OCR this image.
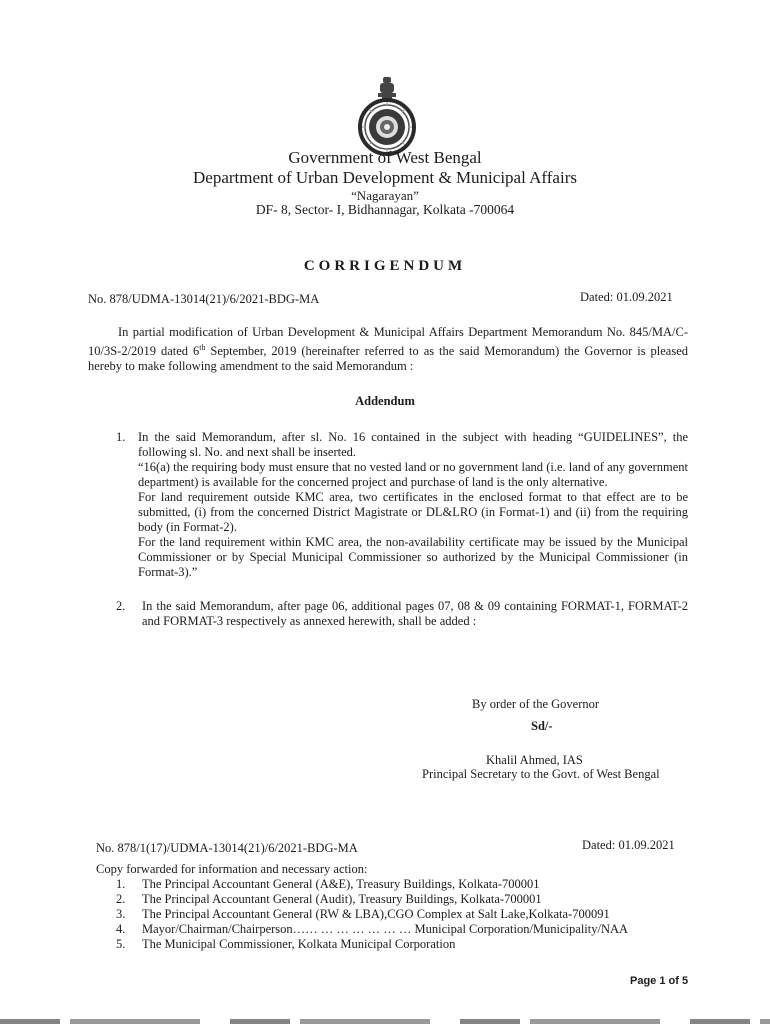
Government of West Bengal
Department of Urban Development & Municipal Affairs
“Nagarayan”
DF- 8, Sector- I, Bidhannagar, Kolkata -700064
CORRIGENDUM
No. 878/UDMA-13014(21)/6/2021-BDG-MA	Dated: 01.09.2021
In partial modification of Urban Development & Municipal Affairs Department Memorandum No. 845/MA/C-10/3S-2/2019 dated 6th September, 2019 (hereinafter referred to as the said Memorandum) the Governor is pleased hereby to make following amendment to the said Memorandum :
Addendum
1. In the said Memorandum, after sl. No. 16 contained in the subject with heading “GUIDELINES”, the following sl. No. and next shall be inserted.

“16(a) the requiring body must ensure that no vested land or no government land (i.e. land of any government department) is available for the concerned project and purchase of land is the only alternative.

For land requirement outside KMC area, two certificates in the enclosed format to that effect are to be submitted, (i) from the concerned District Magistrate or DL&LRO (in Format-1) and (ii) from the requiring body (in Format-2).

For the land requirement within KMC area, the non-availability certificate may be issued by the Municipal Commissioner or by Special Municipal Commissioner so authorized by the Municipal Commissioner (in Format-3).”

2. In the said Memorandum, after page 06, additional pages 07, 08 & 09 containing FORMAT-1, FORMAT-2 and FORMAT-3 respectively as annexed herewith, shall be added :

By order of the Governor
Sd/-
Khalil Ahmed, IAS
Principal Secretary to the Govt. of West Bengal
No. 878/1(17)/UDMA-13014(21)/6/2021-BDG-MA	Dated: 01.09.2021
Copy forwarded for information and necessary action:
1. The Principal Accountant General (A&E), Treasury Buildings, Kolkata-700001
2. The Principal Accountant General (Audit), Treasury Buildings, Kolkata-700001
3. The Principal Accountant General (RW & LBA),CGO Complex at Salt Lake,Kolkata-700091
4. Mayor/Chairman/Chairperson…… … … … … … … Municipal Corporation/Municipality/NAA
5. The Municipal Commissioner, Kolkata Municipal Corporation
Page 1 of 5
